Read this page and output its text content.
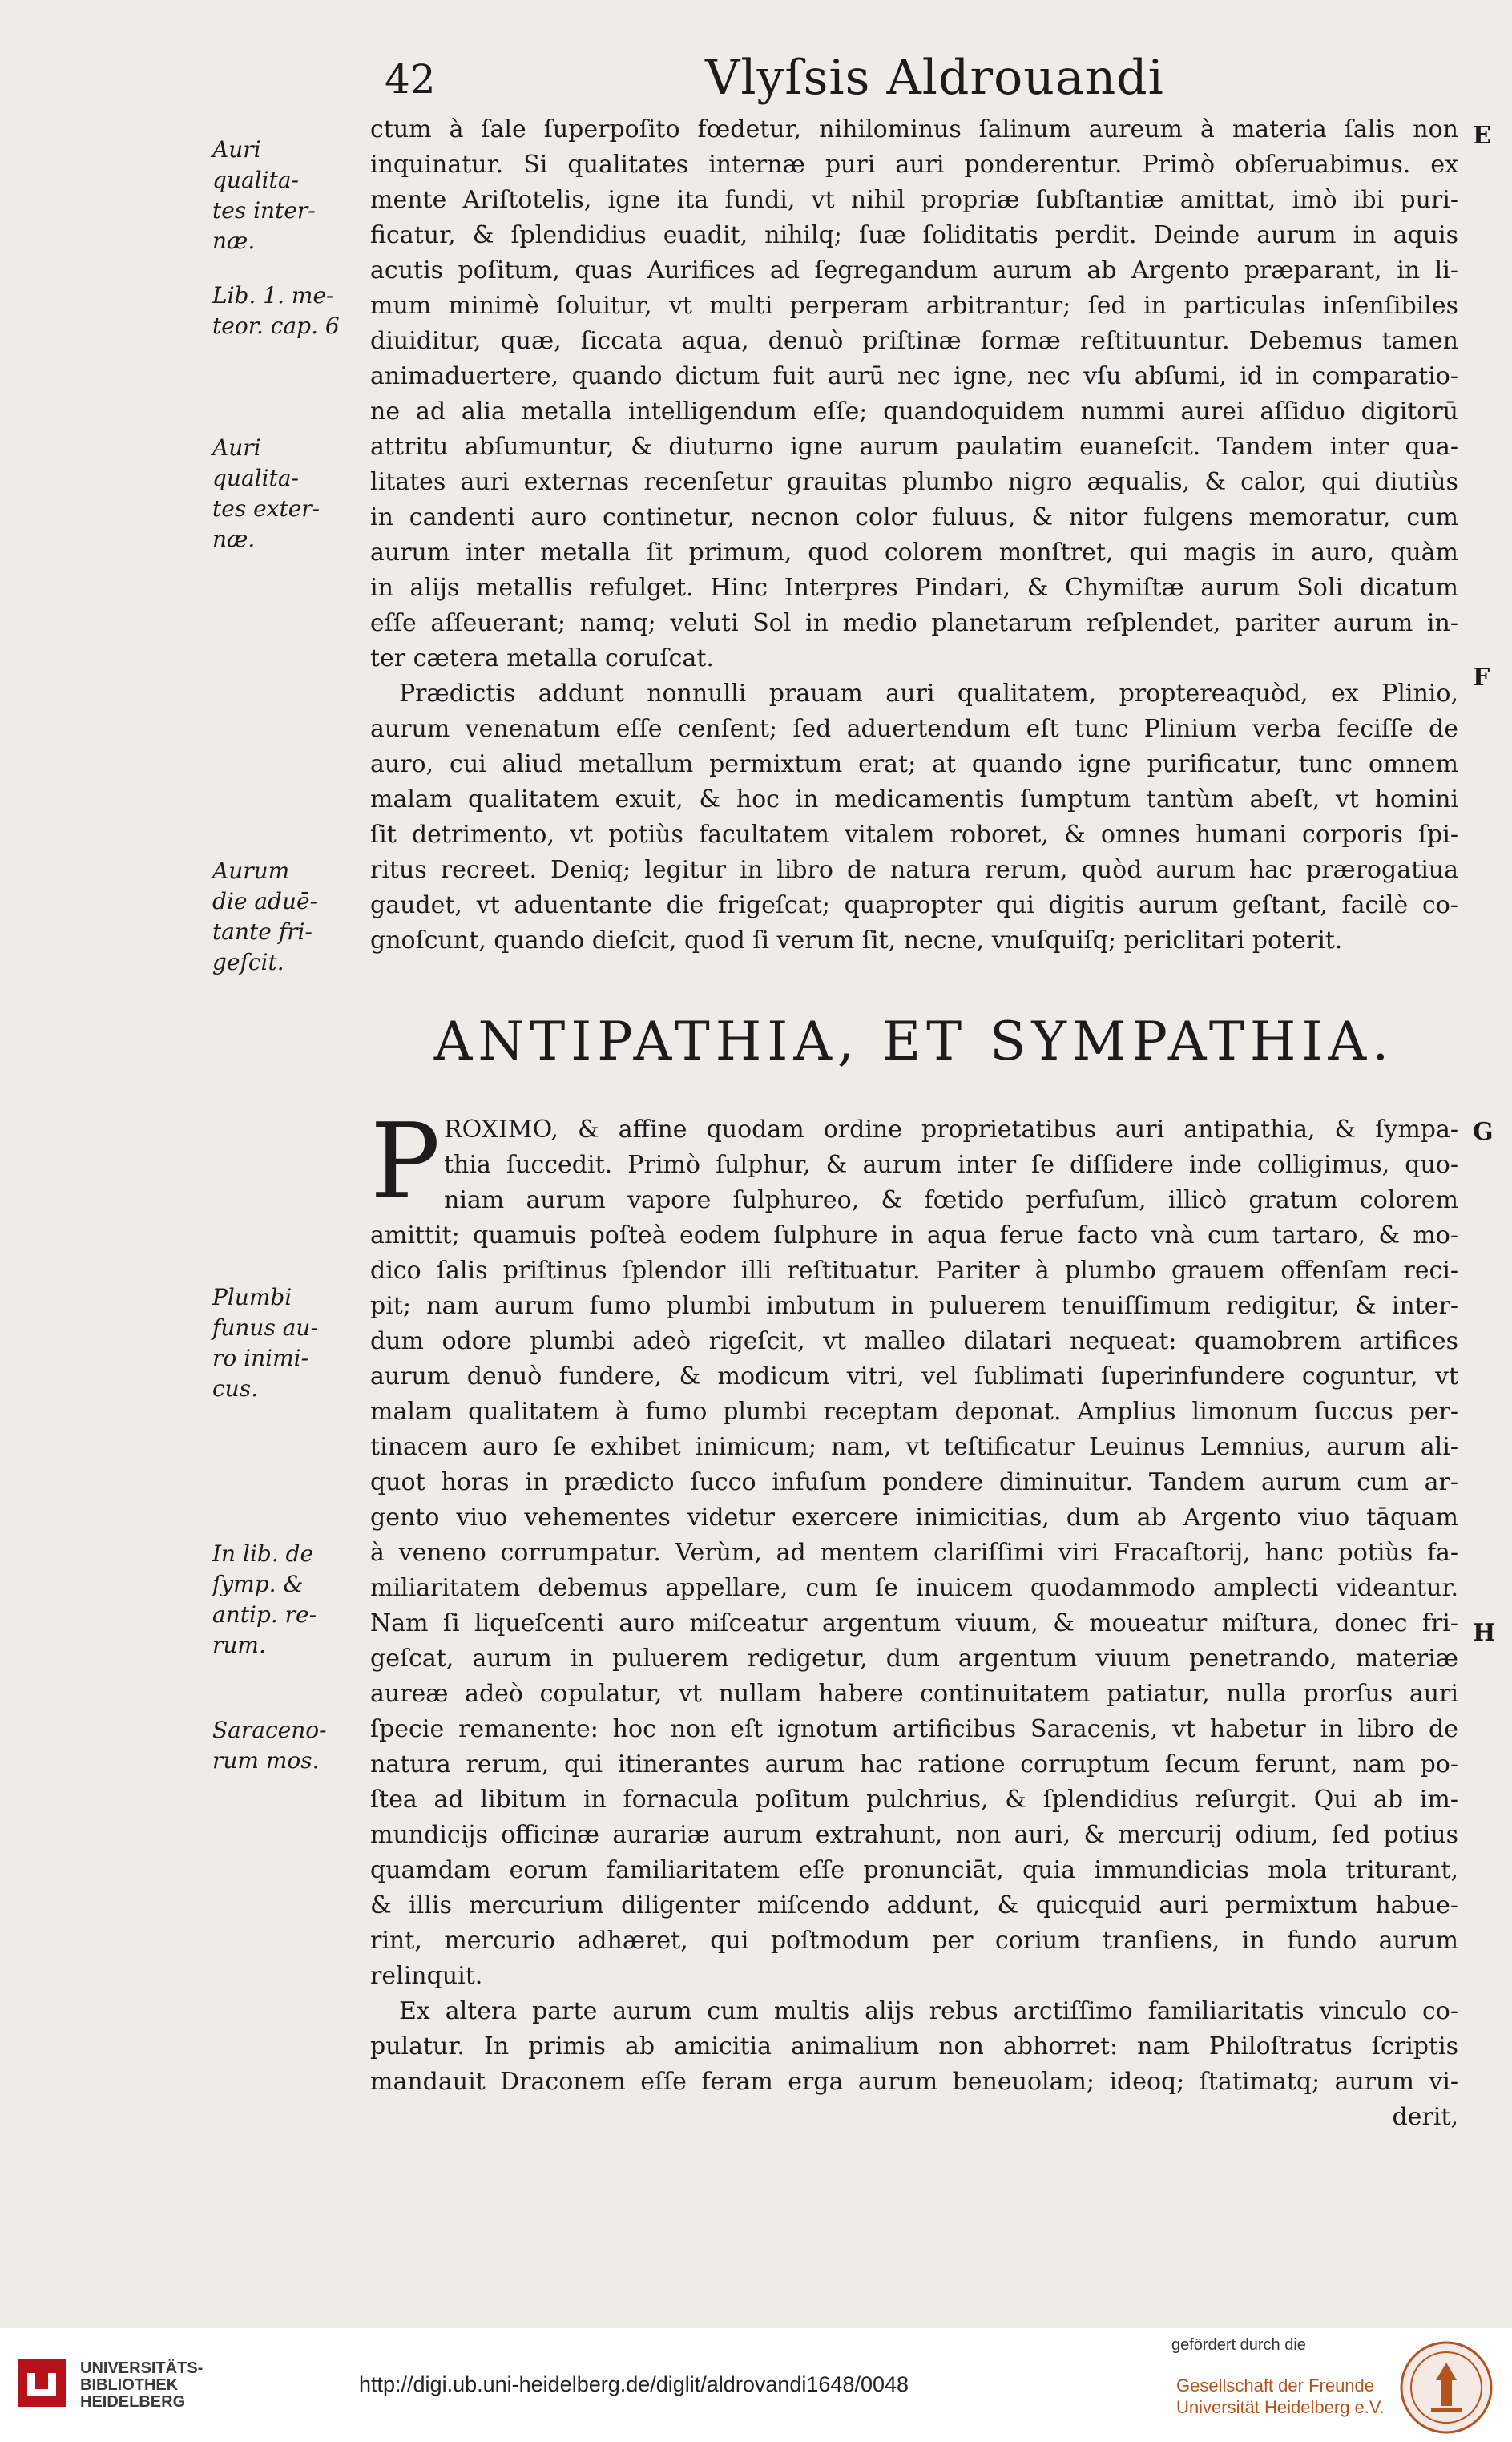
42	Vlyſsis Aldrouandi
ctum à ſale ſuperpoſito fœdetur, nihilominus ſalinum aureum à materia ſalis non
inquinatur. Si qualitates internæ puri auri ponderentur. Primò obſeruabimus. ex
mente Ariſtotelis, igne ita fundi, vt nihil propriæ ſubſtantiæ amittat, imò ibi puri-
ficatur, & ſplendidius euadit, nihilq; ſuæ ſoliditatis perdit. Deinde aurum in aquis
acutis poſitum, quas Aurifices ad ſegregandum aurum ab Argento præparant, in li-
mum minimè ſoluitur, vt multi perperam arbitrantur; ſed in particulas inſenſibiles
diuiditur, quæ, ſiccata aqua, denuò priſtinæ formæ reſtituuntur. Debemus tamen
animaduertere, quando dictum fuit aurū nec igne, nec vſu abſumi, id in comparatio-
ne ad alia metalla intelligendum eſſe; quandoquidem nummi aurei aſſiduo digitorū
attritu abſumuntur, & diuturno igne aurum paulatim euaneſcit. Tandem inter qua-
litates auri externas recenſetur grauitas plumbo nigro æqualis, & calor, qui diutiùs
in candenti auro continetur, necnon color fuluus, & nitor fulgens memoratur, cum
aurum inter metalla ſit primum, quod colorem monſtret, qui magis in auro, quàm
in alijs metallis refulget. Hinc Interpres Pindari, & Chymiſtæ aurum Soli dicatum
eſſe aſſeuerant; namq; veluti Sol in medio planetarum reſplendet, pariter aurum in-
ter cætera metalla coruſcat.
Prædictis addunt nonnulli prauam auri qualitatem, proptereaquòd, ex Plinio,
aurum venenatum eſſe cenſent; ſed aduertendum eſt tunc Plinium verba feciſſe de
auro, cui aliud metallum permixtum erat; at quando igne purificatur, tunc omnem
malam qualitatem exuit, & hoc in medicamentis ſumptum tantùm abeſt, vt homini
ſit detrimento, vt potiùs facultatem vitalem roboret, & omnes humani corporis ſpi-
ritus recreet. Deniq; legitur in libro de natura rerum, quòd aurum hac prærogatiua
gaudet, vt aduentante die frigeſcat; quapropter qui digitis aurum geſtant, facilè co-
gnoſcunt, quando dieſcit, quod ſi verum ſit, necne, vnuſquiſq; periclitari poterit.
ANTIPATHIA, ET SYMPATHIA.
P ROXIMO, & affine quodam ordine proprietatibus auri antipathia, & ſympa-
thia ſuccedit. Primò ſulphur, & aurum inter ſe diſſidere inde colligimus, quo-
niam aurum vapore ſulphureo, & fœtido perfuſum, illicò gratum colorem
amittit; quamuis poſteà eodem ſulphure in aqua ferue facto vnà cum tartaro, & mo-
dico ſalis priſtinus ſplendor illi reſtituatur. Pariter à plumbo grauem offenſam reci-
pit; nam aurum fumo plumbi imbutum in puluerem tenuiſſimum redigitur, & inter-
dum odore plumbi adeò rigeſcit, vt malleo dilatari nequeat: quamobrem artifices
aurum denuò fundere, & modicum vitri, vel ſublimati ſuperinfundere coguntur, vt
malam qualitatem à fumo plumbi receptam deponat. Amplius limonum ſuccus per-
tinacem auro ſe exhibet inimicum; nam, vt teſtificatur Leuinus Lemnius, aurum ali-
quot horas in prædicto ſucco infuſum pondere diminuitur. Tandem aurum cum ar-
gento viuo vehementes videtur exercere inimicitias, dum ab Argento viuo tāquam
à veneno corrumpatur. Verùm, ad mentem clariſſimi viri Fracaſtorij, hanc potiùs fa-
miliaritatem debemus appellare, cum ſe inuicem quodammodo amplecti videantur.
Nam ſi liqueſcenti auro miſceatur argentum viuum, & moueatur miſtura, donec fri-
geſcat, aurum in puluerem redigetur, dum argentum viuum penetrando, materiæ
aureæ adeò copulatur, vt nullam habere continuitatem patiatur, nulla prorſus auri
ſpecie remanente: hoc non eſt ignotum artificibus Saracenis, vt habetur in libro de
natura rerum, qui itinerantes aurum hac ratione corruptum ſecum ferunt, nam po-
ſtea ad libitum in fornacula poſitum pulchrius, & ſplendidius reſurgit. Qui ab im-
mundicijs officinæ aurariæ aurum extrahunt, non auri, & mercurij odium, ſed potius
quamdam eorum familiaritatem eſſe pronunciāt, quia immundicias mola triturant,
& illis mercurium diligenter miſcendo addunt, & quicquid auri permixtum habue-
rint, mercurio adhæret, qui poſtmodum per corium tranſiens, in fundo aurum
relinquit.
Ex altera parte aurum cum multis alijs rebus arctiſſimo familiaritatis vinculo co-
pulatur. In primis ab amicitia animalium non abhorret: nam Philoſtratus ſcriptis
mandauit Draconem eſſe feram erga aurum beneuolam; ideoq; ſtatimatq; aurum vi-
derit,
Auri
qualita-
tes inter-
næ.
Lib. 1. me-
teor. cap. 6
Auri
qualita-
tes exter-
næ.
Aurum
die aduē-
tante fri-
geſcit.
Plumbi
funus au-
ro inimi-
cus.
In lib. de
ſymp. &
antip. re-
rum.
Saraceno-
rum mos.
E
F
G
H
UNIVERSITÄTS-
BIBLIOTHEK
HEIDELBERG
http://digi.ub.uni-heidelberg.de/diglit/aldrovandi1648/0048
gefördert durch die
Gesellschaft der Freunde
Universität Heidelberg e.V.
